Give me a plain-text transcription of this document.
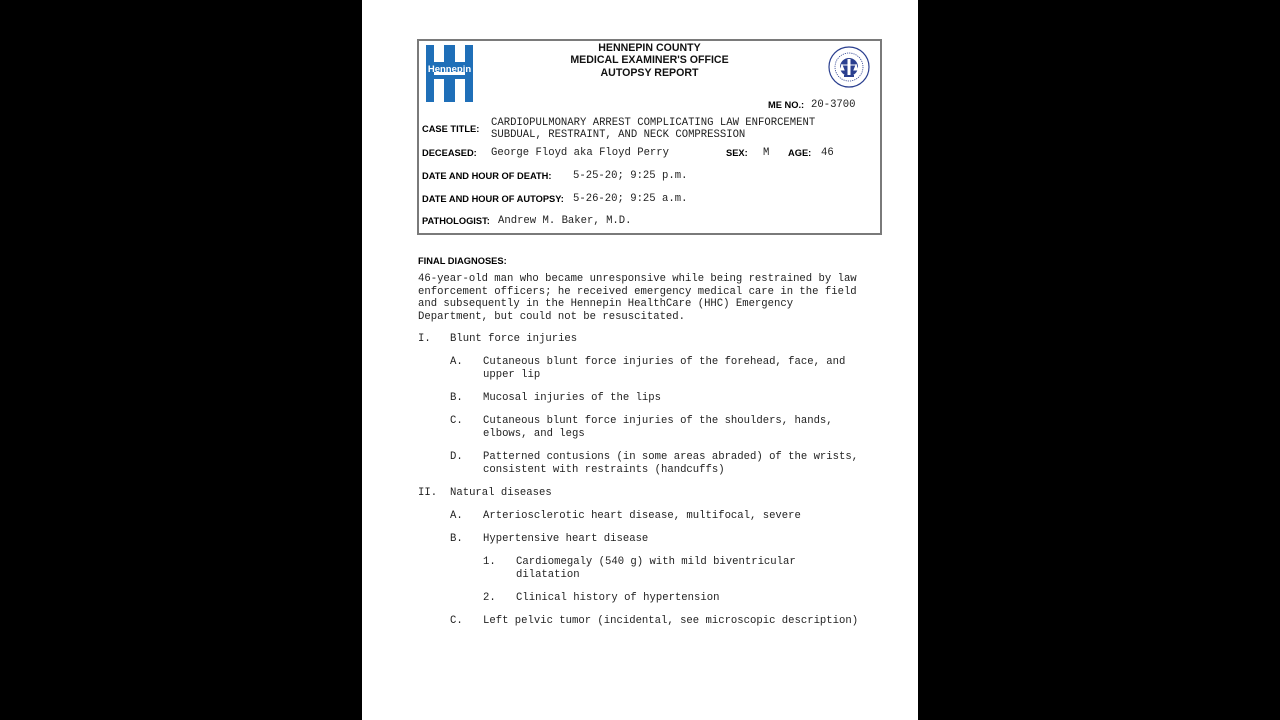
Hennepin
HENNEPIN COUNTY
MEDICAL EXAMINER'S OFFICE
AUTOPSY REPORT
ME NO.: 20-3700
CASE TITLE: CARDIOPULMONARY ARREST COMPLICATING LAW ENFORCEMENT
SUBDUAL, RESTRAINT, AND NECK COMPRESSION
DECEASED: George Floyd aka Floyd Perry	SEX: M AGE: 46
DATE AND HOUR OF DEATH: 5-25-20; 9:25 p.m.
DATE AND HOUR OF AUTOPSY: 5-26-20; 9:25 a.m.
PATHOLOGIST: Andrew M. Baker, M.D.
FINAL DIAGNOSES:
46-year-old man who became unresponsive while being restrained by law
enforcement officers; he received emergency medical care in the field
and subsequently in the Hennepin HealthCare (HHC) Emergency
Department, but could not be resuscitated.
I. Blunt force injuries
A. Cutaneous blunt force injuries of the forehead, face, and
upper lip
B. Mucosal injuries of the lips
C. Cutaneous blunt force injuries of the shoulders, hands,
elbows, and legs
D. Patterned contusions (in some areas abraded) of the wrists,
consistent with restraints (handcuffs)
II. Natural diseases
A. Arteriosclerotic heart disease, multifocal, severe
B. Hypertensive heart disease
1. Cardiomegaly (540 g) with mild biventricular
dilatation
2. Clinical history of hypertension
C. Left pelvic tumor (incidental, see microscopic description)
